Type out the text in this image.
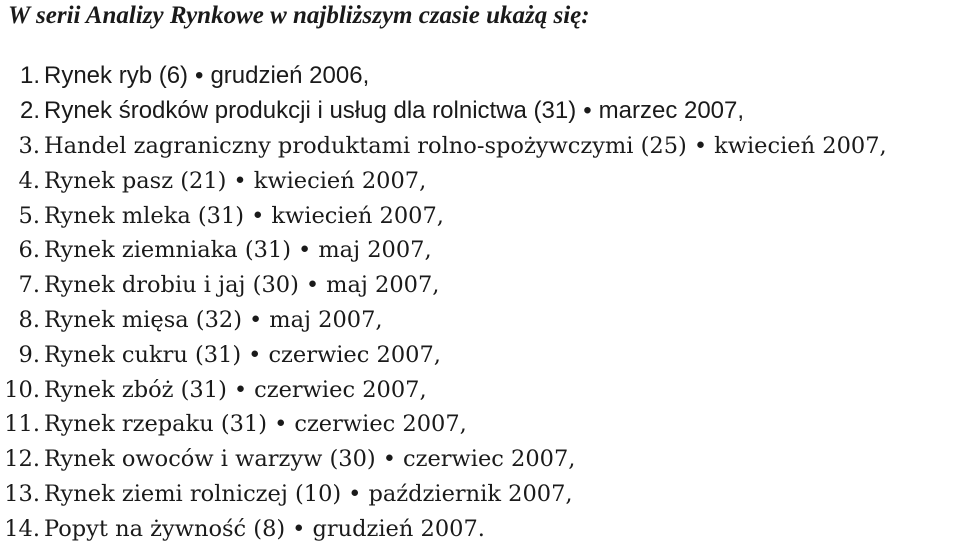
W serii Analizy Rynkowe w najbliższym czasie ukażą się:
1. Rynek ryb (6) • grudzień 2006,
2. Rynek środków produkcji i usług dla rolnictwa (31) • marzec 2007,
3. Handel zagraniczny produktami rolno-spożywczymi (25) • kwiecień 2007,
4. Rynek pasz (21) • kwiecień 2007,
5. Rynek mleka (31) • kwiecień 2007,
6. Rynek ziemniaka (31) • maj 2007,
7. Rynek drobiu i jaj (30) • maj 2007,
8. Rynek mięsa (32) • maj 2007,
9. Rynek cukru (31) • czerwiec 2007,
10. Rynek zbóż (31) • czerwiec 2007,
11. Rynek rzepaku (31) • czerwiec 2007,
12. Rynek owoców i warzyw (30) • czerwiec 2007,
13. Rynek ziemi rolniczej (10) • październik 2007,
14. Popyt na żywność (8) • grudzień 2007.
